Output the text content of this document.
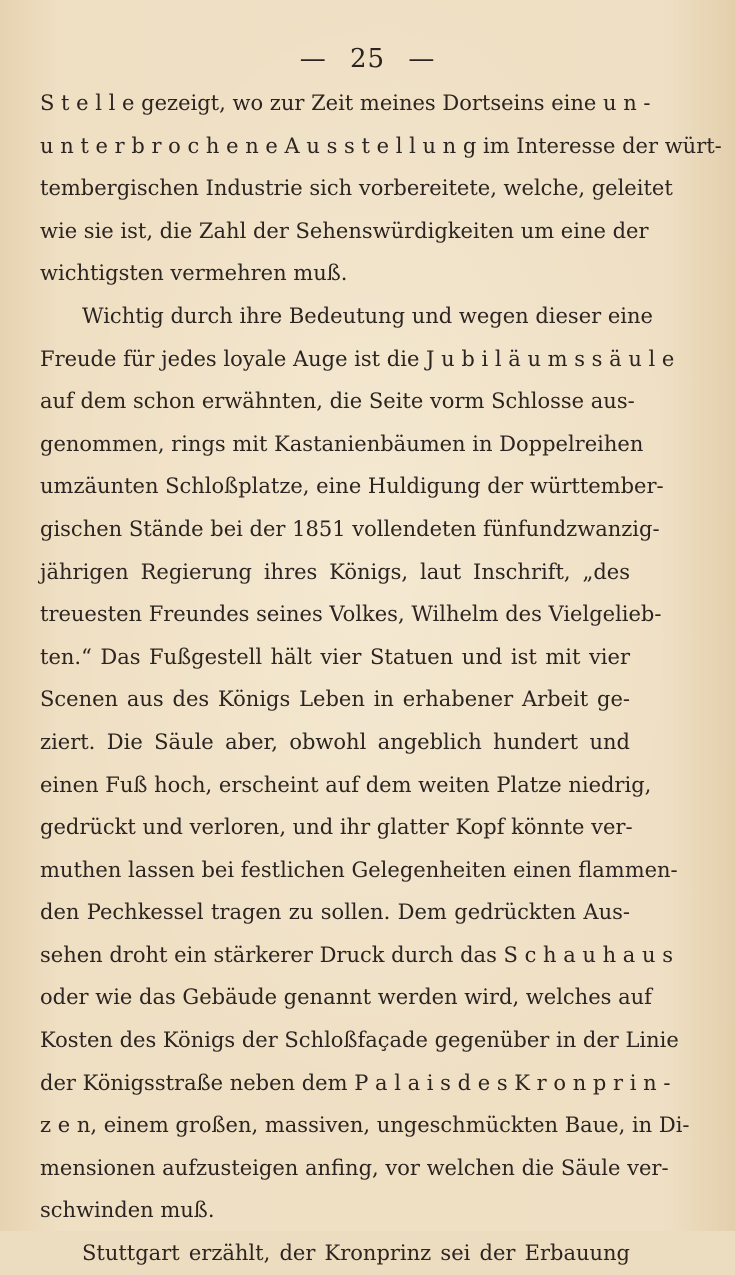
— 25 —
S t e l l e gezeigt, wo zur Zeit meines Dortseins eine u n -
u n t e r b r o c h e n e A u s s t e l l u n g im Interesse der würt-
tembergischen Industrie sich vorbereitete, welche, geleitet
wie sie ist, die Zahl der Sehenswürdigkeiten um eine der
wichtigsten vermehren muß.
Wichtig durch ihre Bedeutung und wegen dieser eine
Freude für jedes loyale Auge ist die J u b i l ä u m s s ä u l e
auf dem schon erwähnten, die Seite vorm Schlosse aus-
genommen, rings mit Kastanienbäumen in Doppelreihen
umzäunten Schloßplatze, eine Huldigung der württember-
gischen Stände bei der 1851 vollendeten fünfundzwanzig-
jährigen Regierung ihres Königs, laut Inschrift, „des
treuesten Freundes seines Volkes, Wilhelm des Vielgelieb-
ten.“ Das Fußgestell hält vier Statuen und ist mit vier
Scenen aus des Königs Leben in erhabener Arbeit ge-
ziert. Die Säule aber, obwohl angeblich hundert und
einen Fuß hoch, erscheint auf dem weiten Platze niedrig,
gedrückt und verloren, und ihr glatter Kopf könnte ver-
muthen lassen bei festlichen Gelegenheiten einen flammen-
den Pechkessel tragen zu sollen. Dem gedrückten Aus-
sehen droht ein stärkerer Druck durch das S c h a u h a u s
oder wie das Gebäude genannt werden wird, welches auf
Kosten des Königs der Schloßfaçade gegenüber in der Linie
der Königsstraße neben dem P a l a i s d e s K r o n p r i n -
z e n, einem großen, massiven, ungeschmückten Baue, in Di-
mensionen aufzusteigen anfing, vor welchen die Säule ver-
schwinden muß.
Stuttgart erzählt, der Kronprinz sei der Erbauung
